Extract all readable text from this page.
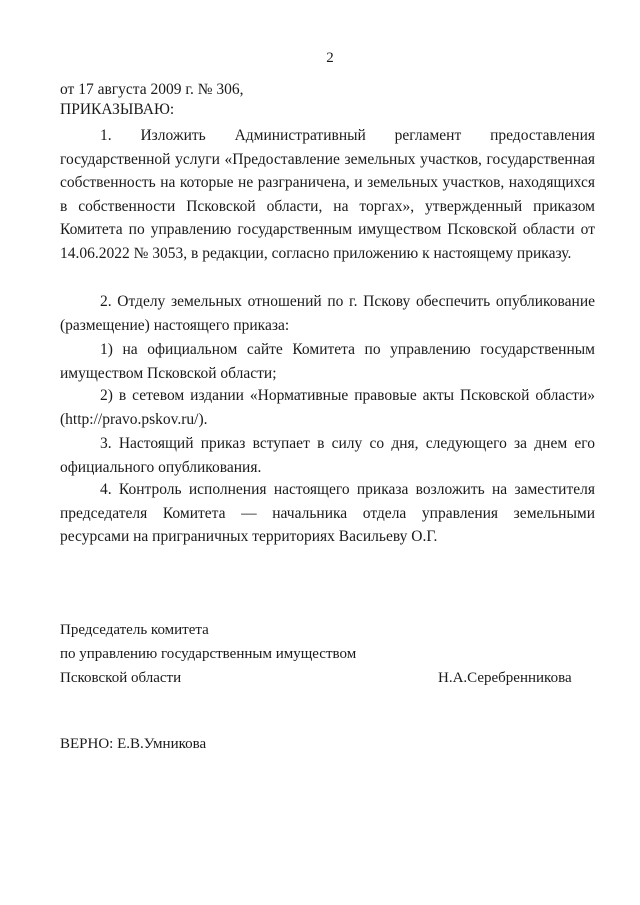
2
от 17 августа 2009 г. № 306,
ПРИКАЗЫВАЮ:

1. Изложить Административный регламент предоставления государственной услуги «Предоставление земельных участков, государственная собственность на которые не разграничена, и земельных участков, находящихся в собственности Псковской области, на торгах», утвержденный приказом Комитета по управлению государственным имуществом Псковской области от 14.06.2022 № 3053, в редакции, согласно приложению к настоящему приказу.

2. Отделу земельных отношений по г. Пскову обеспечить опубликование (размещение) настоящего приказа:

1) на официальном сайте Комитета по управлению государственным имуществом Псковской области;

2) в сетевом издании «Нормативные правовые акты Псковской области» (http://pravo.pskov.ru/).

3. Настоящий приказ вступает в силу со дня, следующего за днем его официального опубликования.

4. Контроль исполнения настоящего приказа возложить на заместителя председателя Комитета — начальника отдела управления земельными ресурсами на приграничных территориях Васильеву О.Г.

Председатель комитета
по управлению государственным имуществом
Псковской области	Н.А.Серебренникова
ВЕРНО: Е.В.Умникова
